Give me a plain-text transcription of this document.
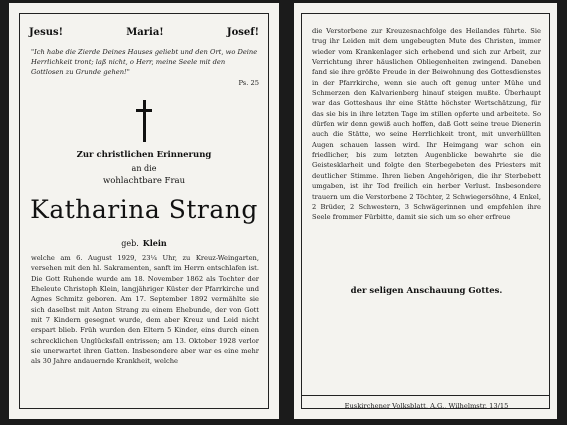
Jesus!	Maria!	Josef!
"Ich habe die Zierde Deines Hauses geliebt und den Ort, wo Deine Herrlichkeit tront; laß nicht, o Herr, meine Seele mit den Gottlosen zu Grunde gehen!"
Ps. 25
Zur christlichen Erinnerung
an die
wohlachtbare Frau
Katharina Strang
geb. Klein
welche am 6. August 1929, 23¼ Uhr, zu Kreuz-Weingarten, versehen mit den hl. Sakramenten, sanft im Herrn entschlafen ist. Die Gott Ruhende wurde am 18. November 1862 als Tochter der Eheleute Christoph Klein, langjähriger Küster der Pfarrkirche und Agnes Schmitz geboren. Am 17. September 1892 vermählte sie sich daselbst mit Anton Strang zu einem Ehebunde, der von Gott mit 7 Kindern gesegnet wurde, dem aber Kreuz und Leid nicht erspart blieb. Früh wurden den Eltern 5 Kinder, eins durch einen schrecklichen Unglücksfall entrissen; am 13. Oktober 1928 verlor sie unerwartet ihren Gatten. Insbesondere aber war es eine mehr als 30 Jahre andauernde Krankheit, welche
die Verstorbene zur Kreuzesnachfolge des Heilandes führte. Sie trug ihr Leiden mit dem ungebeugten Mute des Christen, immer wieder vom Krankenlager sich erhebend und sich zur Arbeit, zur Verrichtung ihrer häuslichen Obliegenheiten zwingend. Daneben fand sie ihre größte Freude in der Beiwohnung des Gottesdienstes in der Pfarrkirche, wenn sie auch oft genug unter Mühe und Schmerzen den Kalvarienberg hinauf steigen mußte. Überhaupt war das Gotteshaus ihr eine Stätte höchster Wertschätzung, für das sie bis in ihre letzten Tage im stillen opferte und arbeitete. So dürfen wir denn gewiß auch hoffen, daß Gott seine treue Dienerin auch die Stätte, wo seine Herrlichkeit tront, mit unverhüllten Augen schauen lassen wird. Ihr Heimgang war schon ein friedlicher, bis zum letzten Augenblicke bewahrte sie die Geistesklarheit und folgte den Sterbegebeten des Priesters mit deutlicher Stimme. Ihren lieben Angehörigen, die ihr Sterbebett umgaben, ist ihr Tod freilich ein herber Verlust. Insbesondere trauern um die Verstorbene 2 Töchter, 2 Schwiegersöhne, 4 Enkel, 2 Brüder, 2 Schwestern, 3 Schwägerinnen und empfehlen ihre Seele frommer Fürbitte, damit sie sich um so eher erfreue
der seligen Anschauung Gottes.
Euskirchener Volksblatt, A.G., Wilhelmstr. 13/15
